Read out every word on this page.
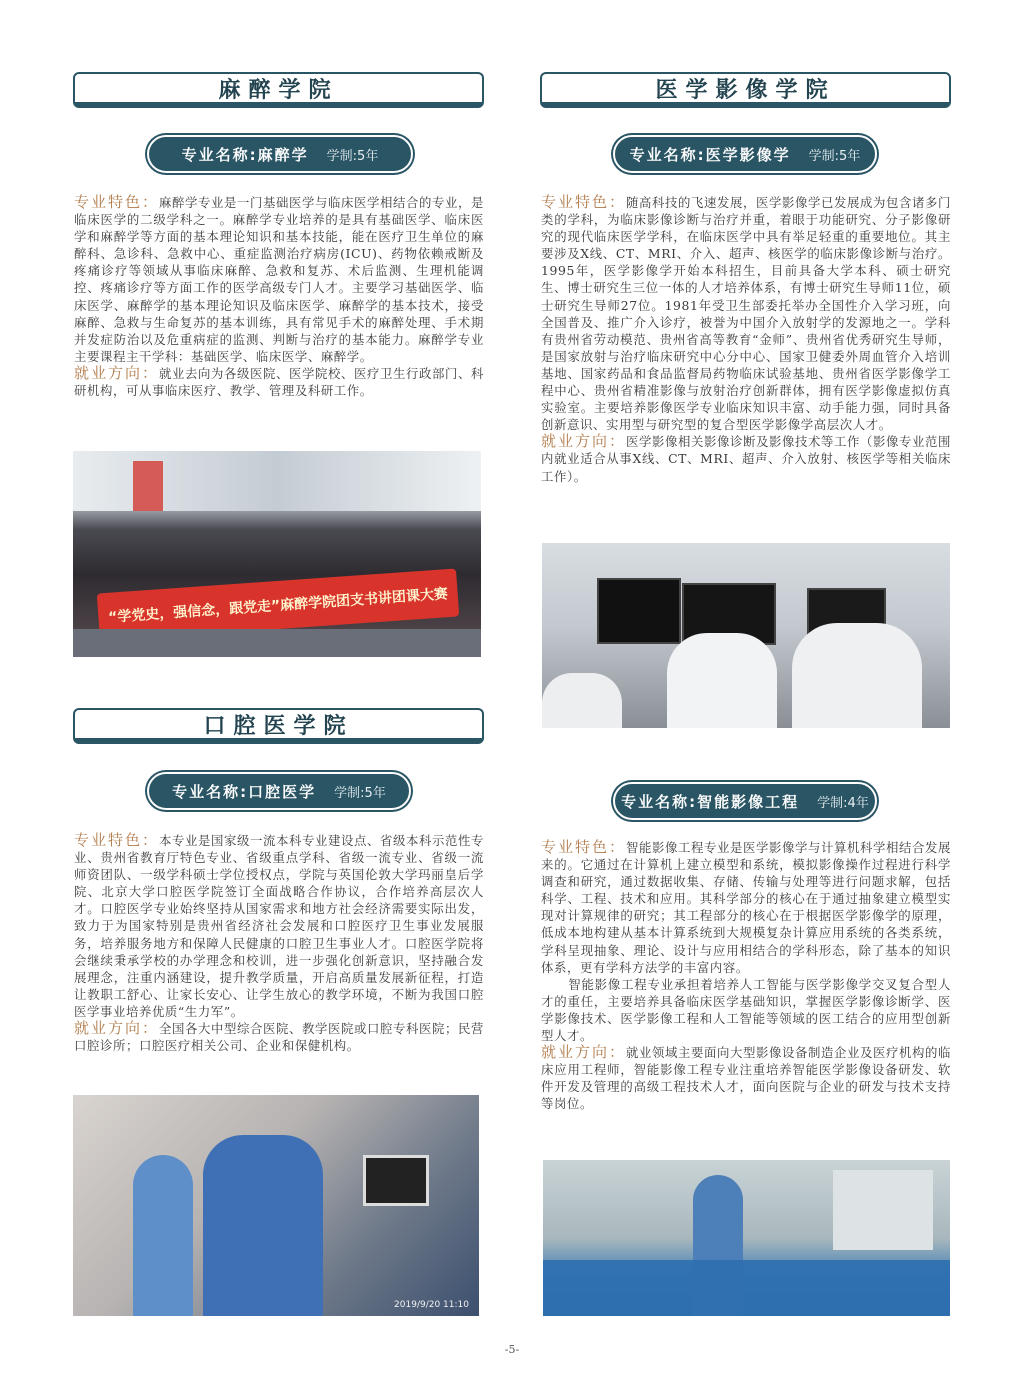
麻醉学院
专业名称:麻醉学 学制:5年

专业特色：麻醉学专业是一门基础医学与临床医学相结合的专业，是临床医学的二级学科之一。麻醉学专业培养的是具有基础医学、临床医学和麻醉学等方面的基本理论知识和基本技能，能在医疗卫生单位的麻醉科、急诊科、急救中心、重症监测治疗病房(ICU)、药物依赖戒断及疼痛诊疗等领域从事临床麻醉、急救和复苏、术后监测、生理机能调控、疼痛诊疗等方面工作的医学高级专门人才。主要学习基础医学、临床医学、麻醉学的基本理论知识及临床医学、麻醉学的基本技术，接受麻醉、急救与生命复苏的基本训练，具有常见手术的麻醉处理、手术期并发症防治以及危重病症的监测、判断与治疗的基本能力。麻醉学专业主要课程主干学科：基础医学、临床医学、麻醉学。

就业方向：就业去向为各级医院、医学院校、医疗卫生行政部门、科研机构，可从事临床医疗、教学、管理及科研工作。

“学党史，强信念，跟党走”麻醉学院团支书讲团课大赛
口腔医学院
专业名称:口腔医学 学制:5年

专业特色：本专业是国家级一流本科专业建设点、省级本科示范性专业、贵州省教育厅特色专业、省级重点学科、省级一流专业、省级一流师资团队、一级学科硕士学位授权点，学院与英国伦敦大学玛丽皇后学院、北京大学口腔医学院签订全面战略合作协议，合作培养高层次人才。口腔医学专业始终坚持从国家需求和地方社会经济需要实际出发，致力于为国家特别是贵州省经济社会发展和口腔医疗卫生事业发展服务，培养服务地方和保障人民健康的口腔卫生事业人才。口腔医学院将会继续秉承学校的办学理念和校训，进一步强化创新意识，坚持融合发展理念，注重内涵建设，提升教学质量，开启高质量发展新征程，打造让教职工舒心、让家长安心、让学生放心的教学环境，不断为我国口腔医学事业培养优质“生力军”。

就业方向：全国各大中型综合医院、教学医院或口腔专科医院；民营口腔诊所；口腔医疗相关公司、企业和保健机构。

2019/9/20 11:10
医学影像学院
专业名称:医学影像学 学制:5年

专业特色：随高科技的飞速发展，医学影像学已发展成为包含诸多门类的学科，为临床影像诊断与治疗并重，着眼于功能研究、分子影像研究的现代临床医学学科，在临床医学中具有举足轻重的重要地位。其主要涉及X线、CT、MRI、介入、超声、核医学的临床影像诊断与治疗。1995年，医学影像学开始本科招生，目前具备大学本科、硕士研究生、博士研究生三位一体的人才培养体系，有博士研究生导师11位，硕士研究生导师27位。1981年受卫生部委托举办全国性介入学习班，向全国普及、推广介入诊疗，被誉为中国介入放射学的发源地之一。学科有贵州省劳动模范、贵州省高等教育“金师”、贵州省优秀研究生导师，是国家放射与治疗临床研究中心分中心、国家卫健委外周血管介入培训基地、国家药品和食品监督局药物临床试验基地、贵州省医学影像学工程中心、贵州省精准影像与放射治疗创新群体，拥有医学影像虚拟仿真实验室。主要培养影像医学专业临床知识丰富、动手能力强，同时具备创新意识、实用型与研究型的复合型医学影像学高层次人才。

就业方向：医学影像相关影像诊断及影像技术等工作（影像专业范围内就业适合从事X线、CT、MRI、超声、介入放射、核医学等相关临床工作）。

专业名称:智能影像工程 学制:4年

专业特色：智能影像工程专业是医学影像学与计算机科学相结合发展来的。它通过在计算机上建立模型和系统，模拟影像操作过程进行科学调查和研究，通过数据收集、存储、传输与处理等进行问题求解，包括科学、工程、技术和应用。其科学部分的核心在于通过抽象建立模型实现对计算规律的研究；其工程部分的核心在于根据医学影像学的原理，低成本地构建从基本计算系统到大规模复杂计算应用系统的各类系统，学科呈现抽象、理论、设计与应用相结合的学科形态，除了基本的知识体系，更有学科方法学的丰富内容。

智能影像工程专业承担着培养人工智能与医学影像学交叉复合型人才的重任，主要培养具备临床医学基础知识，掌握医学影像诊断学、医学影像技术、医学影像工程和人工智能等领域的医工结合的应用型创新型人才。

就业方向：就业领域主要面向大型影像设备制造企业及医疗机构的临床应用工程师，智能影像工程专业注重培养智能医学影像设备研发、软件开发及管理的高级工程技术人才，面向医院与企业的研发与技术支持等岗位。

-5-
